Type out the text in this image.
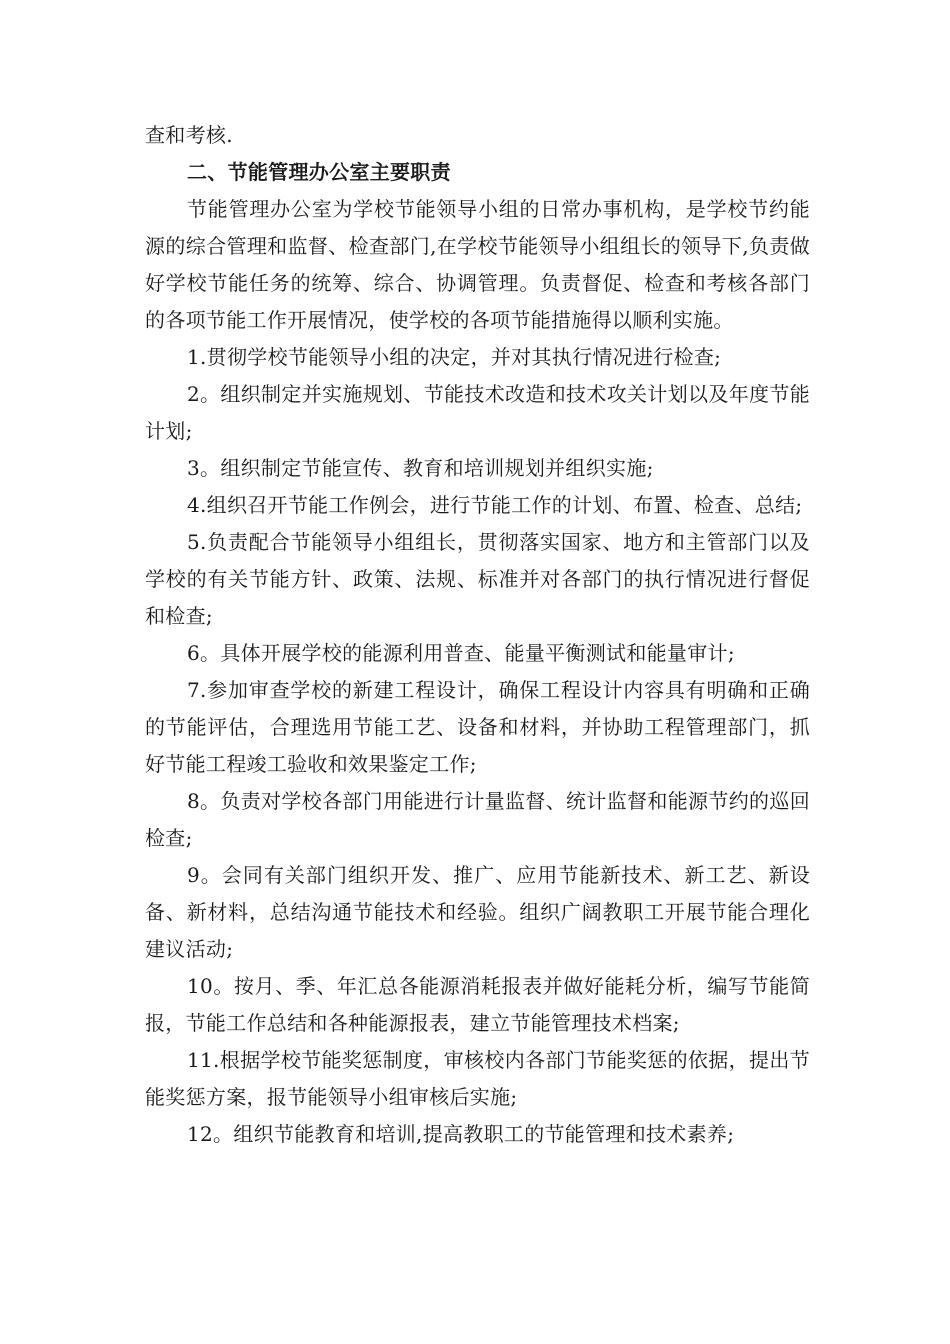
查和考核.

二、节能管理办公室主要职责

节能管理办公室为学校节能领导小组的日常办事机构，是学校节约能源的综合管理和监督、检查部门,在学校节能领导小组组长的领导下,负责做好学校节能任务的统筹、综合、协调管理。负责督促、检查和考核各部门的各项节能工作开展情况，使学校的各项节能措施得以顺利实施。

1.贯彻学校节能领导小组的决定，并对其执行情况进行检查;

2。组织制定并实施规划、节能技术改造和技术攻关计划以及年度节能计划;

3。组织制定节能宣传、教育和培训规划并组织实施;

4.组织召开节能工作例会，进行节能工作的计划、布置、检查、总结;

5.负责配合节能领导小组组长，贯彻落实国家、地方和主管部门以及学校的有关节能方针、政策、法规、标准并对各部门的执行情况进行督促和检查;

6。具体开展学校的能源利用普查、能量平衡测试和能量审计;

7.参加审查学校的新建工程设计，确保工程设计内容具有明确和正确的节能评估，合理选用节能工艺、设备和材料，并协助工程管理部门，抓好节能工程竣工验收和效果鉴定工作;

8。负责对学校各部门用能进行计量监督、统计监督和能源节约的巡回检查;

9。会同有关部门组织开发、推广、应用节能新技术、新工艺、新设备、新材料，总结沟通节能技术和经验。组织广阔教职工开展节能合理化建议活动;

10。按月、季、年汇总各能源消耗报表并做好能耗分析，编写节能简报，节能工作总结和各种能源报表，建立节能管理技术档案;

11.根据学校节能奖惩制度，审核校内各部门节能奖惩的依据，提出节能奖惩方案，报节能领导小组审核后实施;

12。组织节能教育和培训,提高教职工的节能管理和技术素养;
